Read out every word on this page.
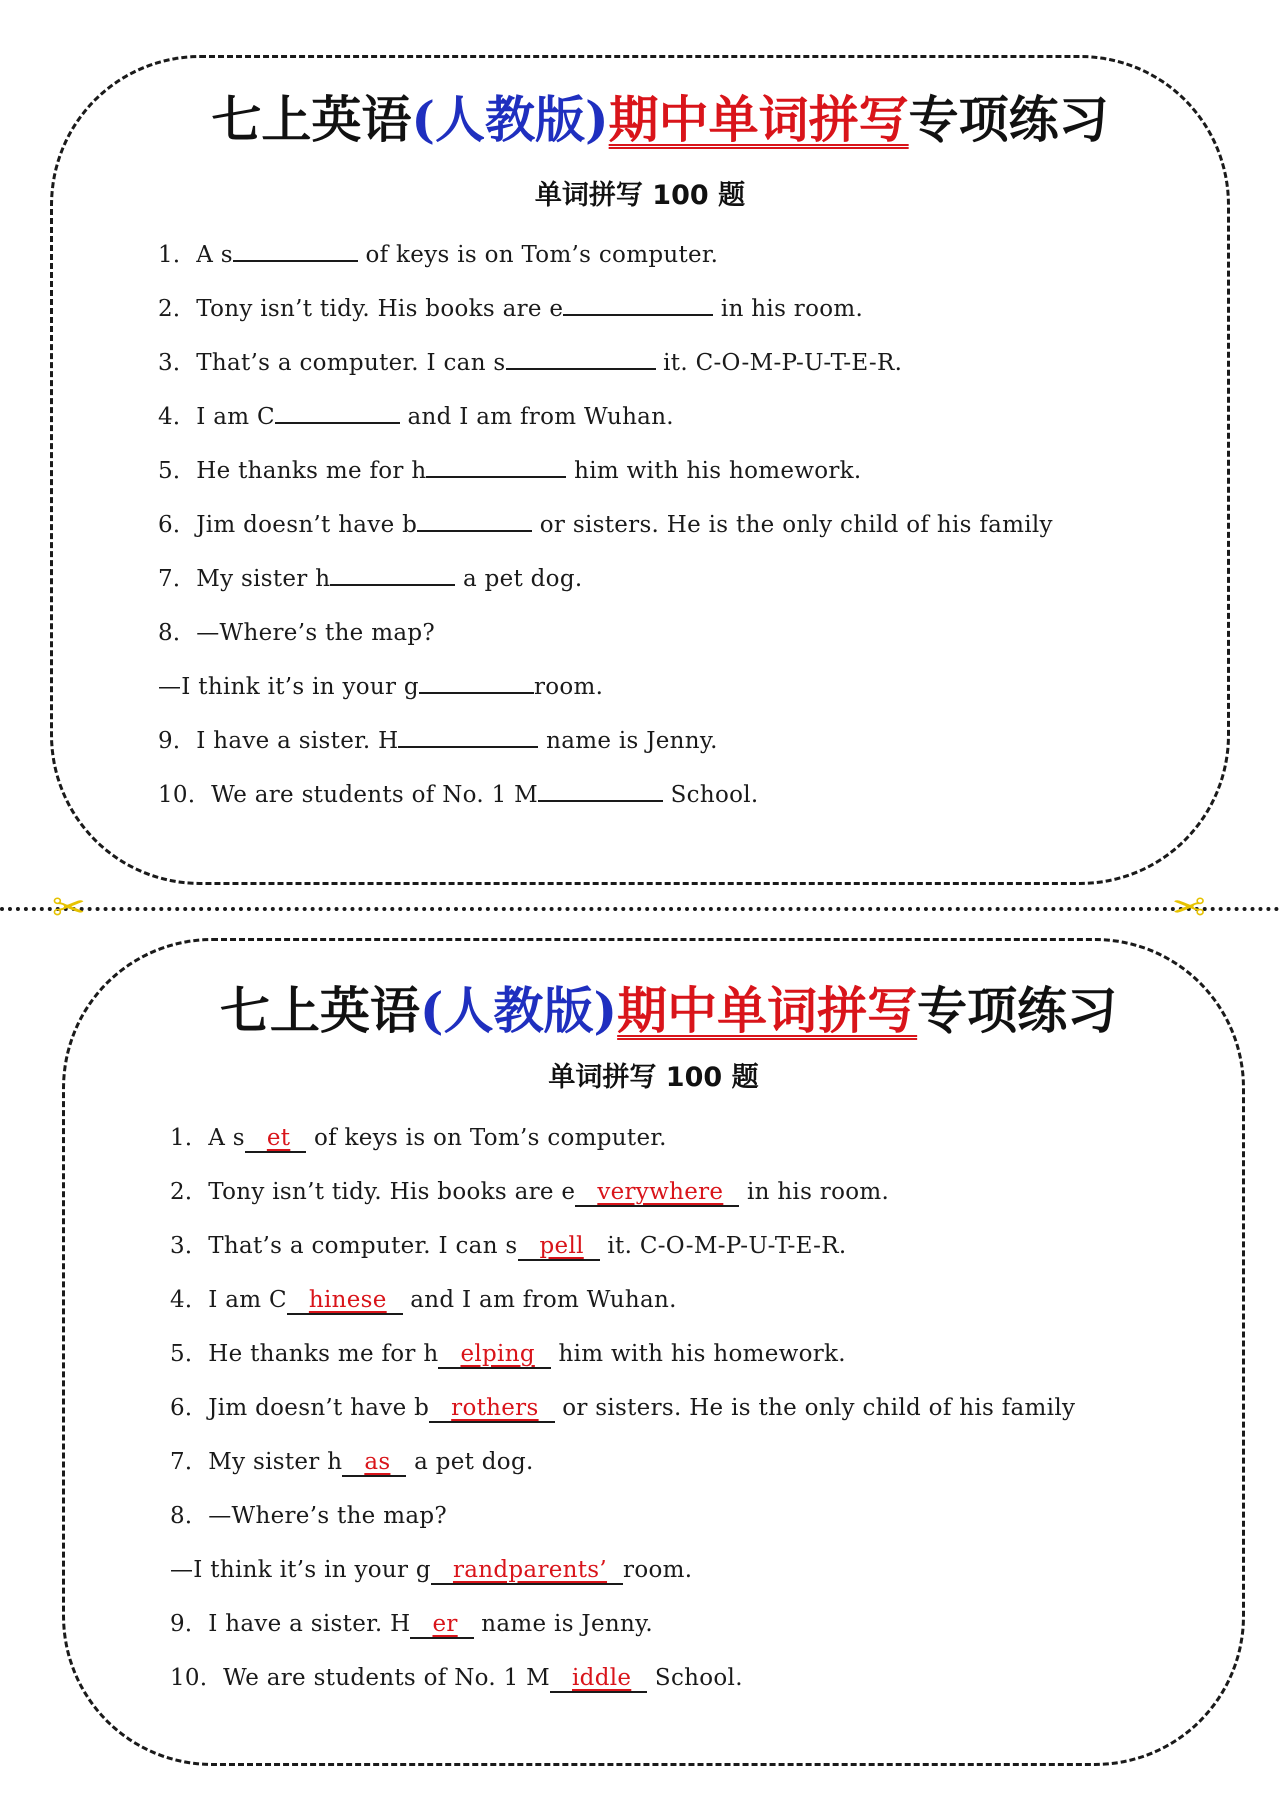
七上英语(人教版)期中单词拼写专项练习
单词拼写 100 题
1．A s	of keys is on Tom’s computer.
2．Tony isn’t tidy. His books are e	in his room.
3．That’s a computer. I can s	it. C-O-M-P-U-T-E-R.
4．I am C	and I am from Wuhan.
5．He thanks me for h	him with his homework.
6．Jim doesn’t have b	or sisters. He is the only child of his family
7．My sister h	a pet dog.
8．—Where’s the map?
—I think it’s in your g	room.
9．I have a sister. H	name is Jenny.
10．We are students of No. 1 M	School.
✂	✂
七上英语(人教版)期中单词拼写专项练习
单词拼写 100 题
1．A s et of keys is on Tom’s computer.
2．Tony isn’t tidy. His books are e verywhere in his room.
3．That’s a computer. I can s pell it. C-O-M-P-U-T-E-R.
4．I am C hinese and I am from Wuhan.
5．He thanks me for h elping him with his homework.
6．Jim doesn’t have b rothers or sisters. He is the only child of his family
7．My sister h as a pet dog.
8．—Where’s the map?
—I think it’s in your g randparents’ room.
9．I have a sister. H er name is Jenny.
10．We are students of No. 1 M iddle School.
